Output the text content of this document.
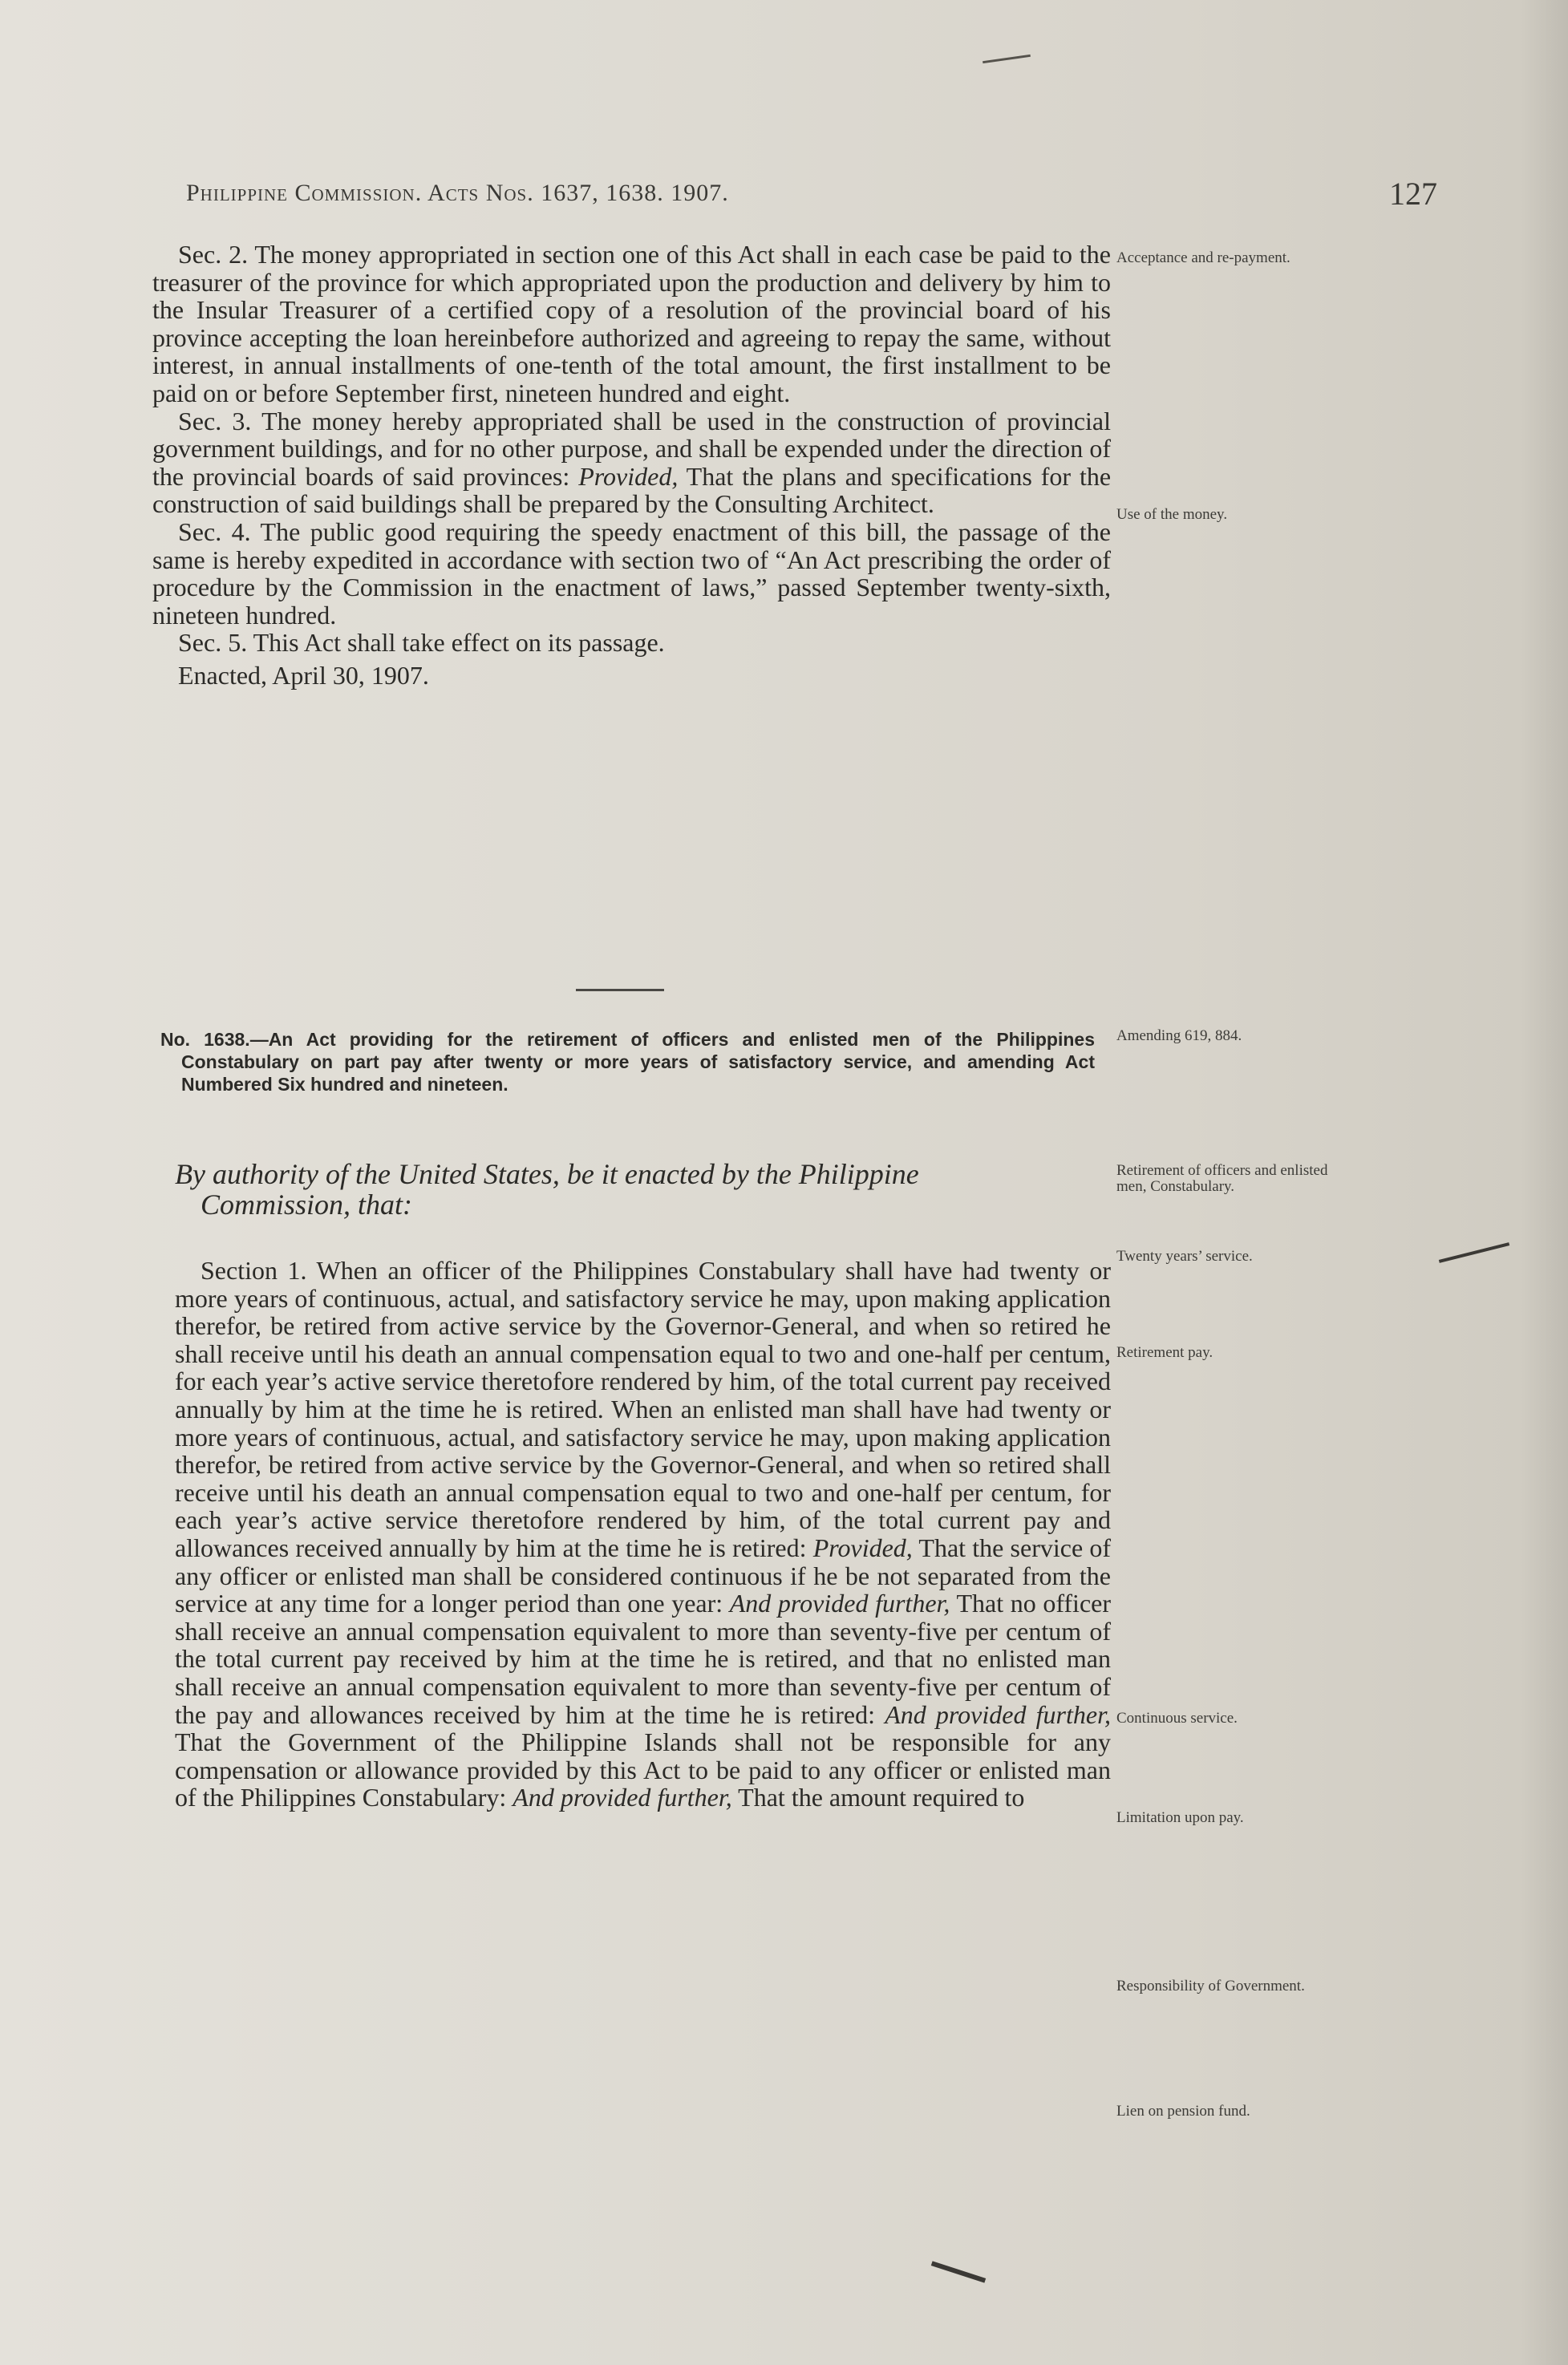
Philippine Commission. Acts Nos. 1637, 1638. 1907.	127

Sec. 2. The money appropriated in section one of this Act shall in each case be paid to the treasurer of the province for which appropriated upon the production and delivery by him to the Insular Treasurer of a certified copy of a resolution of the provincial board of his province accepting the loan hereinbefore authorized and agreeing to repay the same, without interest, in annual installments of one-tenth of the total amount, the first installment to be paid on or before September first, nineteen hundred and eight.

Sec. 3. The money hereby appropriated shall be used in the construction of provincial government buildings, and for no other purpose, and shall be expended under the direction of the provincial boards of said provinces: Provided, That the plans and specifications for the construction of said buildings shall be prepared by the Consulting Architect.

Sec. 4. The public good requiring the speedy enactment of this bill, the passage of the same is hereby expedited in accordance with section two of “An Act prescribing the order of procedure by the Commission in the enactment of laws,” passed September twenty-sixth, nineteen hundred.

Sec. 5. This Act shall take effect on its passage.

Enacted, April 30, 1907.

No. 1638.—An Act providing for the retirement of officers and enlisted men of the Philippines Constabulary on part pay after twenty or more years of satisfactory service, and amending Act Numbered Six hundred and nineteen.
By authority of the United States, be it enacted by the Philippine
Commission, that:

Section 1. When an officer of the Philippines Constabulary shall have had twenty or more years of continuous, actual, and satisfactory service he may, upon making application therefor, be retired from active service by the Governor-General, and when so retired he shall receive until his death an annual compensation equal to two and one-half per centum, for each year’s active service theretofore rendered by him, of the total current pay received annually by him at the time he is retired. When an enlisted man shall have had twenty or more years of continuous, actual, and satisfactory service he may, upon making application therefor, be retired from active service by the Governor-General, and when so retired shall receive until his death an annual compensation equal to two and one-half per centum, for each year’s active service theretofore rendered by him, of the total current pay and allowances received annually by him at the time he is retired: Provided, That the service of any officer or enlisted man shall be considered continuous if he be not separated from the service at any time for a longer period than one year: And provided further, That no officer shall receive an annual compensation equivalent to more than seventy-five per centum of the total current pay received by him at the time he is retired, and that no enlisted man shall receive an annual compensation equivalent to more than seventy-five per centum of the pay and allowances received by him at the time he is retired: And provided further, That the Government of the Philippine Islands shall not be responsible for any compensation or allowance provided by this Act to be paid to any officer or enlisted man of the Philippines Constabulary: And provided further, That the amount required to

Acceptance and re-payment.
Use of the money.
Amending 619, 884.
Retirement of officers and enlisted men, Constabulary.
Twenty years’ service.
Retirement pay.
Continuous service.
Limitation upon pay.
Responsibility of Government.
Lien on pension fund.
